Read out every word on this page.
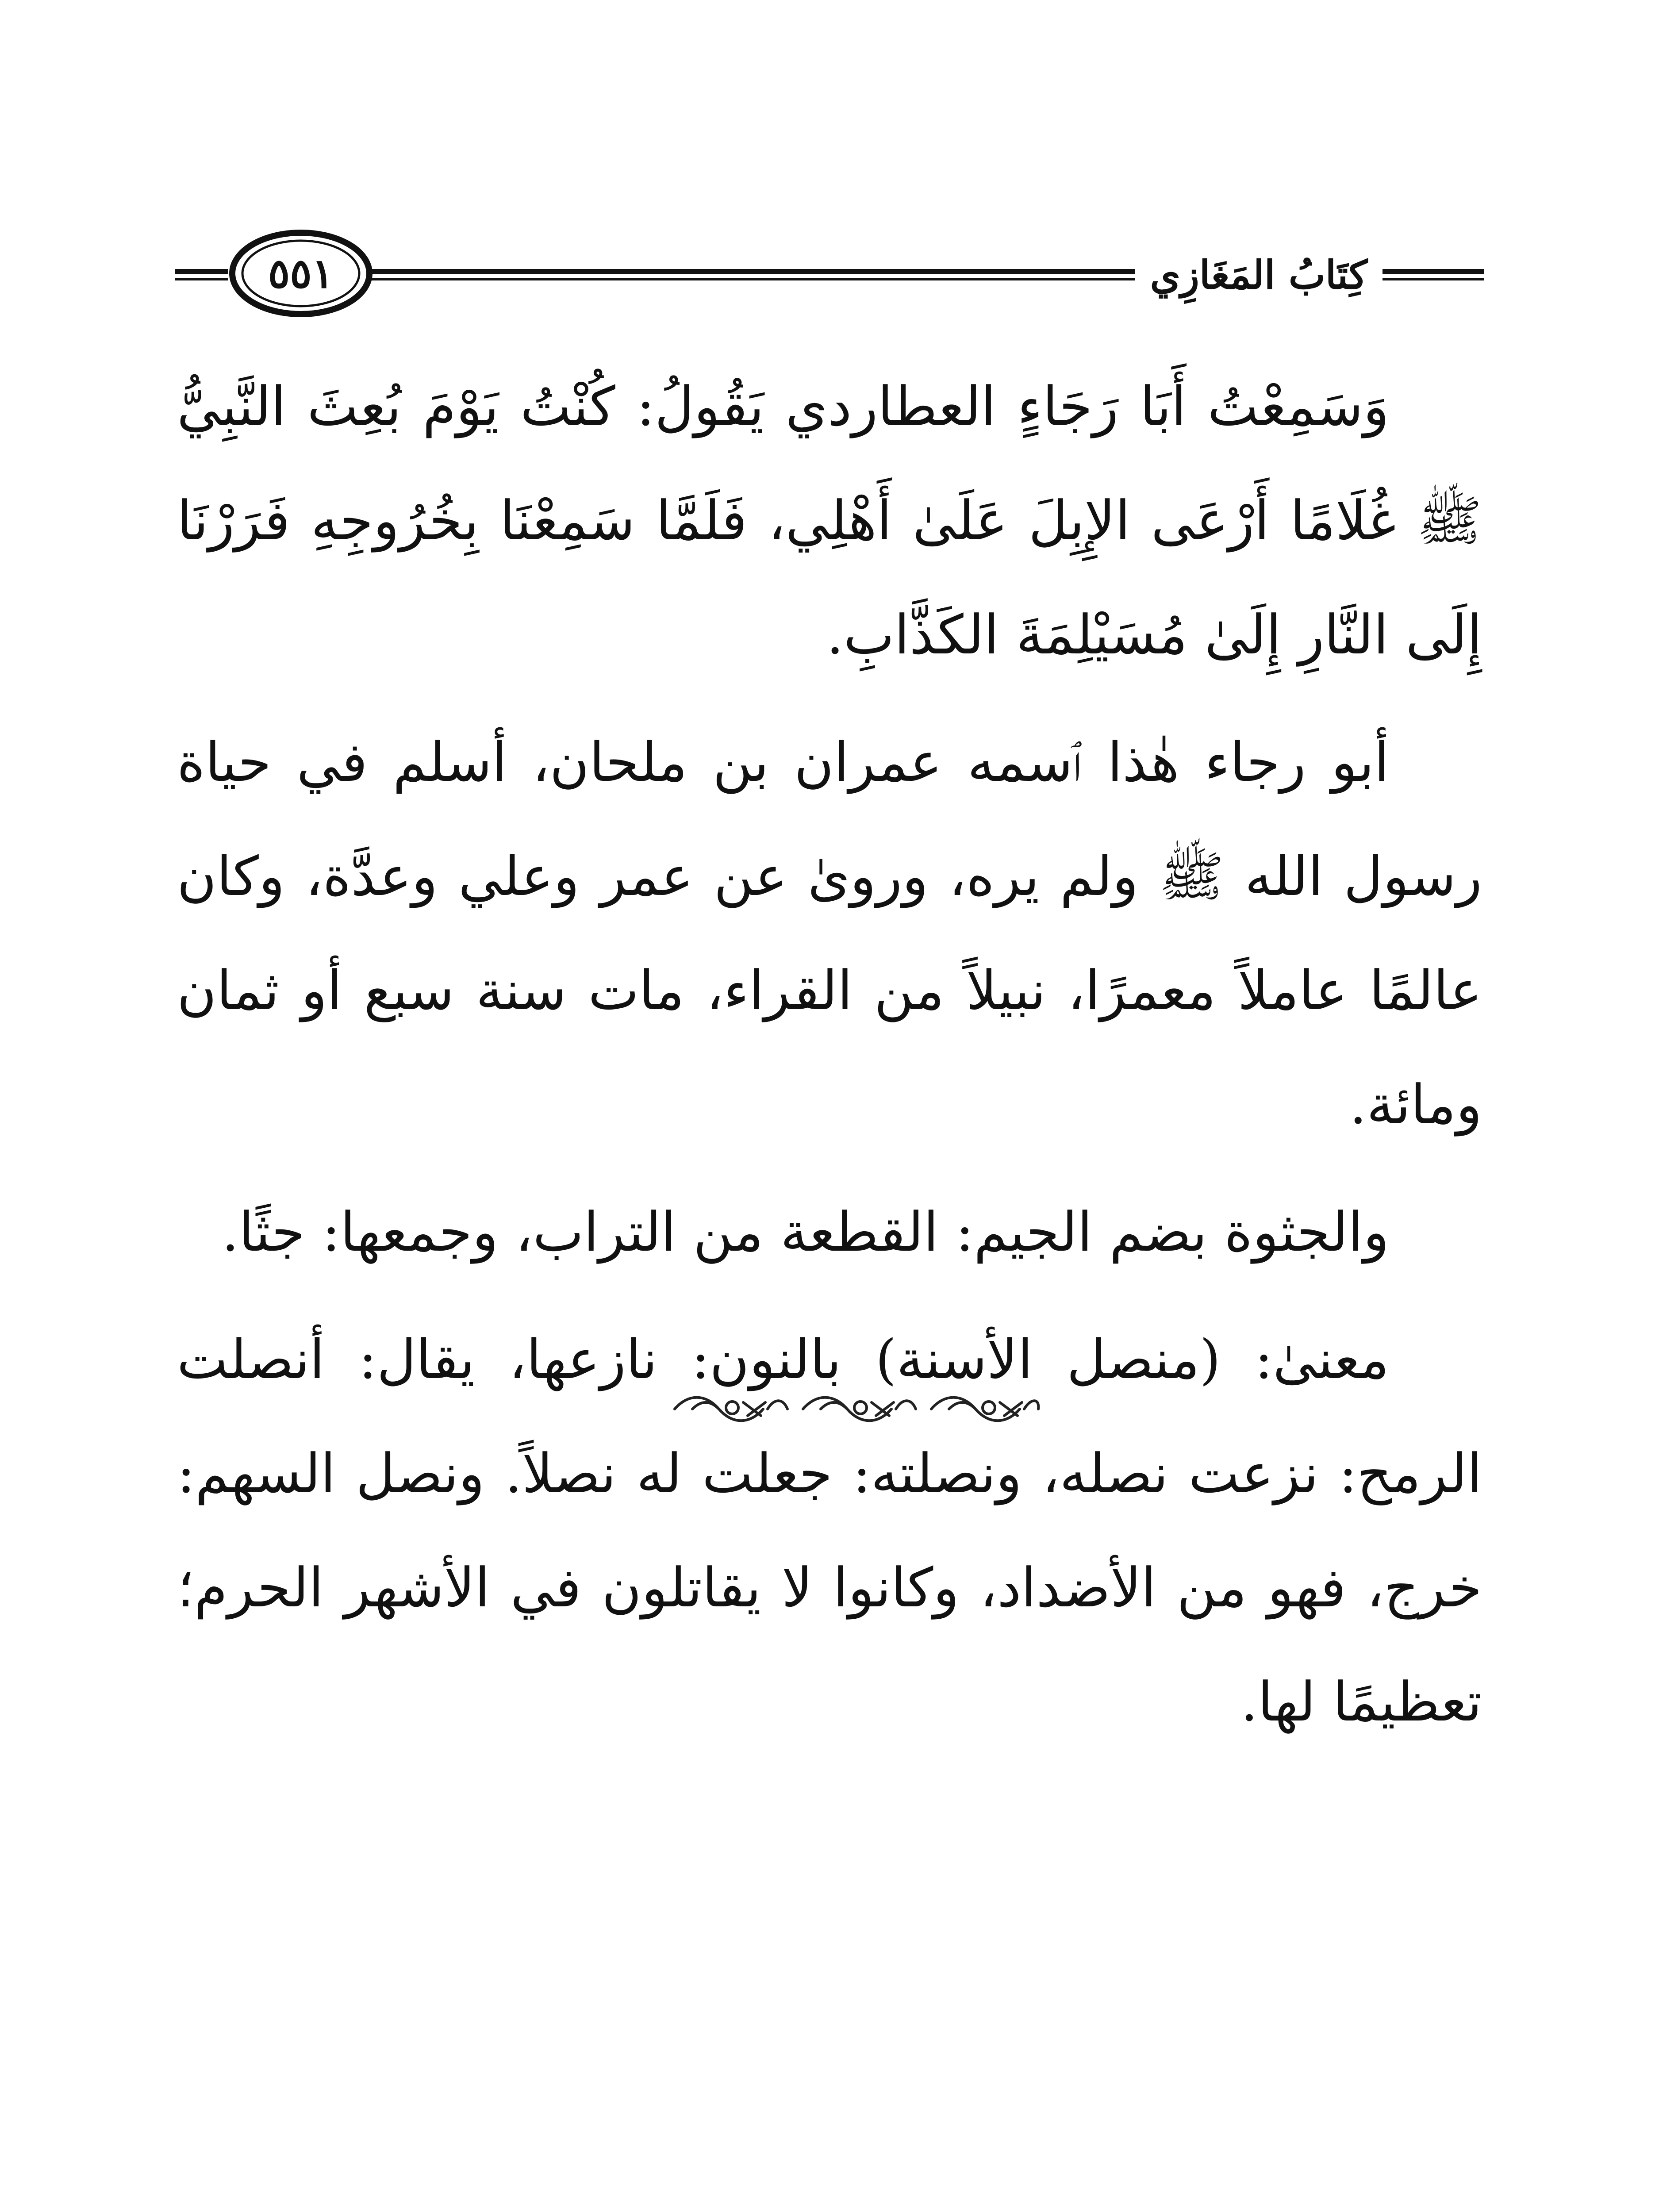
٥٥١	كِتَابُ المَغَازِي

وَسَمِعْتُ أَبَا رَجَاءٍ العطاردي يَقُولُ: كُنْتُ يَوْمَ بُعِثَ النَّبِيُّ ﷺ غُلَامًا أَرْعَى الإِبِلَ عَلَىٰ أَهْلِي، فَلَمَّا سَمِعْنَا بِخُرُوجِهِ فَرَرْنَا إِلَى النَّارِ إِلَىٰ مُسَيْلِمَةَ الكَذَّابِ.

أبو رجاء هٰذا ٱسمه عمران بن ملحان، أسلم في حياة رسول الله ﷺ ولم يره، وروىٰ عن عمر وعلي وعدَّة، وكان عالمًا عاملاً معمرًا، نبيلاً من القراء، مات سنة سبع أو ثمان ومائة.

والجثوة بضم الجيم: القطعة من التراب، وجمعها: جثًا.

معنىٰ: (منصل الأسنة) بالنون: نازعها، يقال: أنصلت الرمح: نزعت نصله، ونصلته: جعلت له نصلاً. ونصل السهم: خرج، فهو من الأضداد، وكانوا لا يقاتلون في الأشهر الحرم؛ تعظيمًا لها.
